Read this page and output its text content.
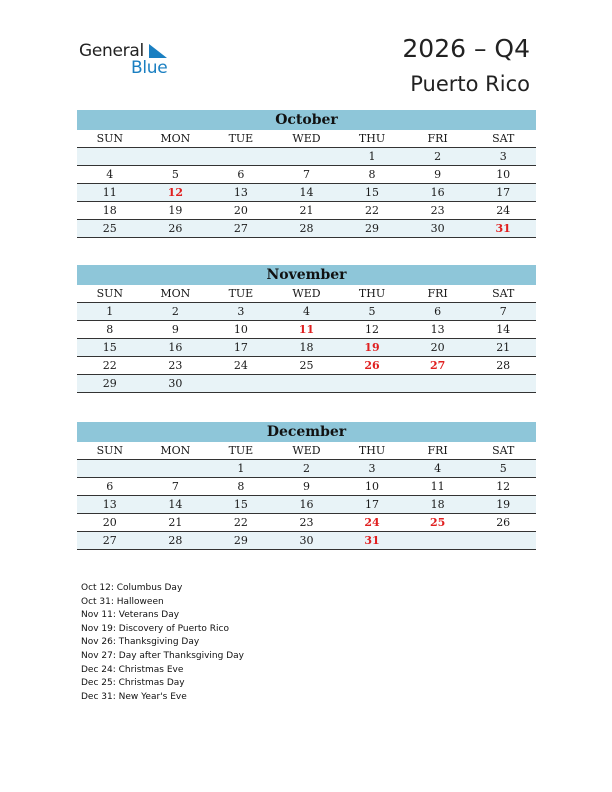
General
Blue
2026 – Q4
Puerto Rico
October
SUN	MON	TUE	WED	THU	FRI	SAT
				1	2	3
4	5	6	7	8	9	10
11	12	13	14	15	16	17
18	19	20	21	22	23	24
25	26	27	28	29	30	31
November
SUN	MON	TUE	WED	THU	FRI	SAT
1	2	3	4	5	6	7
8	9	10	11	12	13	14
15	16	17	18	19	20	21
22	23	24	25	26	27	28
29	30					
December
SUN	MON	TUE	WED	THU	FRI	SAT
		1	2	3	4	5
6	7	8	9	10	11	12
13	14	15	16	17	18	19
20	21	22	23	24	25	26
27	28	29	30	31		
Oct 12: Columbus Day
Oct 31: Halloween
Nov 11: Veterans Day
Nov 19: Discovery of Puerto Rico
Nov 26: Thanksgiving Day
Nov 27: Day after Thanksgiving Day
Dec 24: Christmas Eve
Dec 25: Christmas Day
Dec 31: New Year's Eve
